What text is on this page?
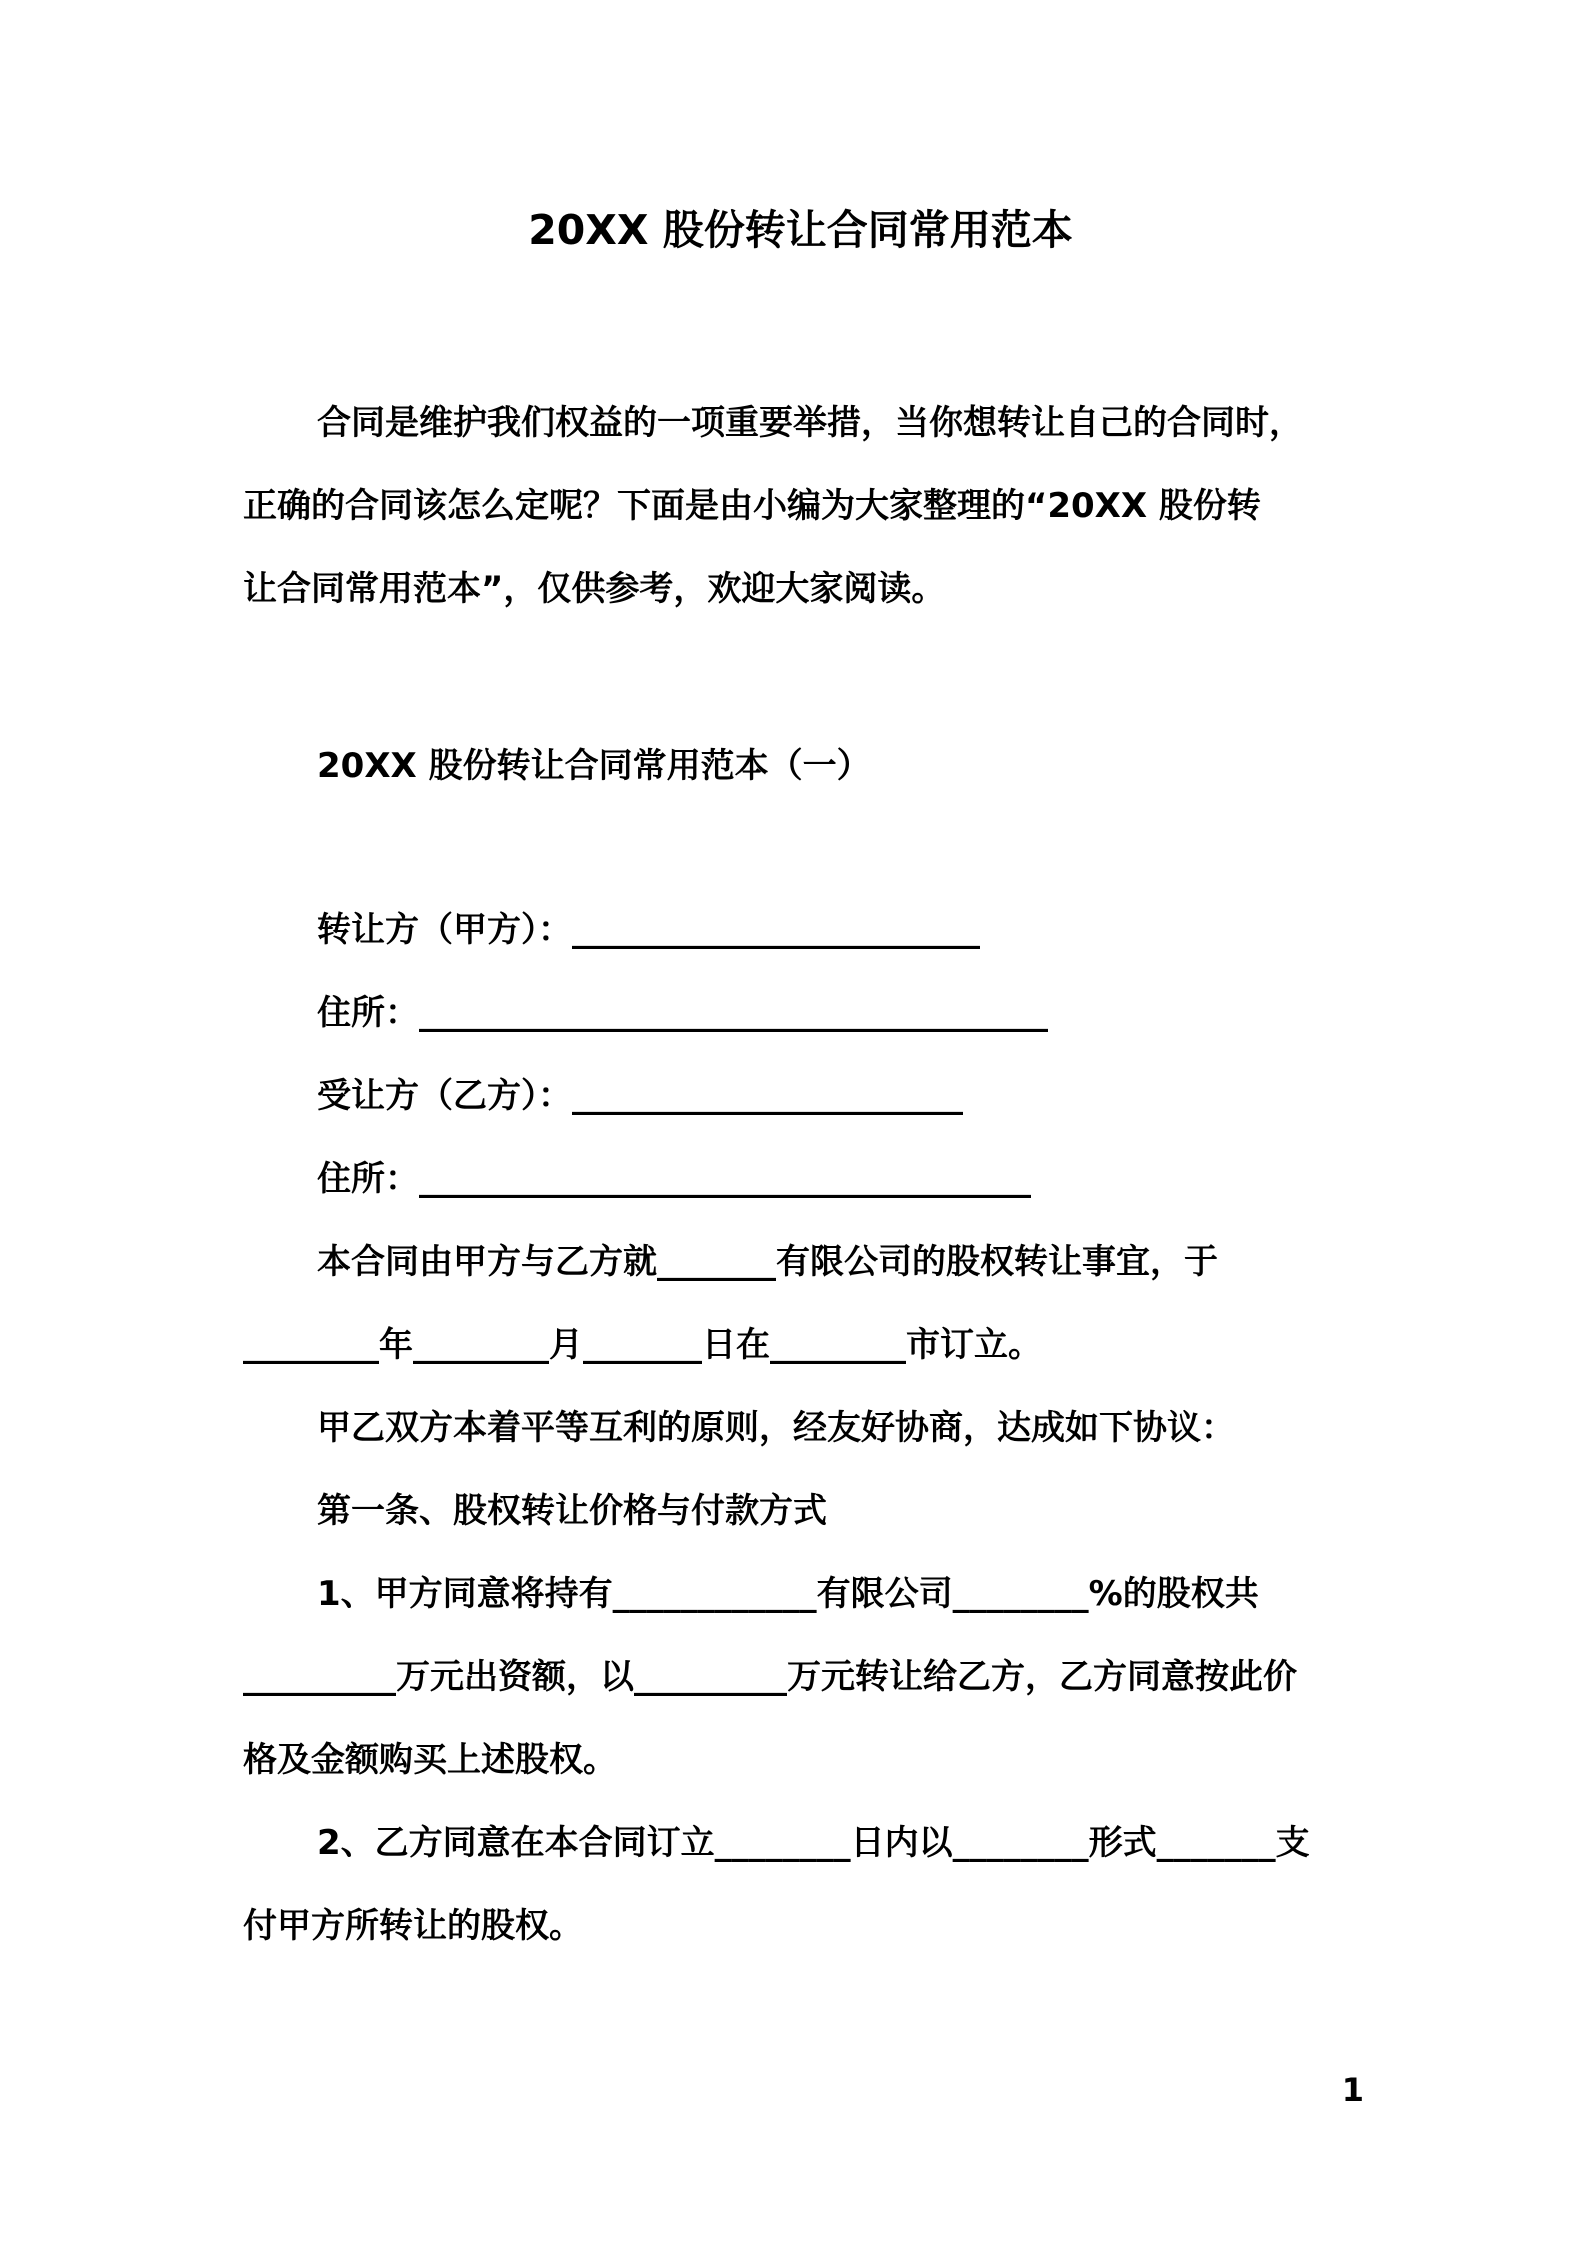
20XX 股份转让合同常用范本
合同是维护我们权益的一项重要举措，当你想转让自己的合同时，
正确的合同该怎么定呢？下面是由小编为大家整理的“20XX 股份转
让合同常用范本”，仅供参考，欢迎大家阅读。
20XX 股份转让合同常用范本（一）
转让方（甲方）：________________________
住所：_____________________________________
受让方（乙方）：_______________________
住所：____________________________________
本合同由甲方与乙方就_______有限公司的股权转让事宜，于
________年________月_______日在________市订立。
甲乙双方本着平等互利的原则，经友好协商，达成如下协议：
第一条、股权转让价格与付款方式
1、甲方同意将持有____________有限公司________%的股权共
_________万元出资额，以_________万元转让给乙方，乙方同意按此价
格及金额购买上述股权。
2、乙方同意在本合同订立________日内以________形式_______支
付甲方所转让的股权。
1
